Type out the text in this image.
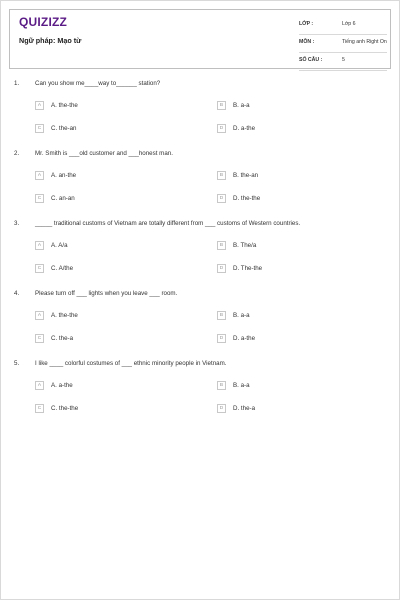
QUIZIZZ
Ngữ pháp: Mạo từ
LỚP :	Lớp 6
MÔN :	Tiếng anh Right On
SỐ CÂU :	5
1.	Can you show me____way to______ station?
A	A. the-the	B	B. a-a
C	C. the-an	D	D. a-the
2.	Mr. Smith is ___old customer and ___honest man.
A	A. an-the	B	B. the-an
C	C. an-an	D	D. the-the
3.	_____ traditional customs of Vietnam are totally different from ___ customs of Western countries.
A	A. A/a	B	B. The/a
C	C. A/the	D	D. The-the
4.	Please turn off ___ lights when you leave ___ room.
A	A. the-the	B	B. a-a
C	C. the-a	D	D. a-the
5.	I like ____ colorful costumes of ___ ethnic minority people in Vietnam.
A	A. a-the	B	B. a-a
C	C. the-the	D	D. the-a
